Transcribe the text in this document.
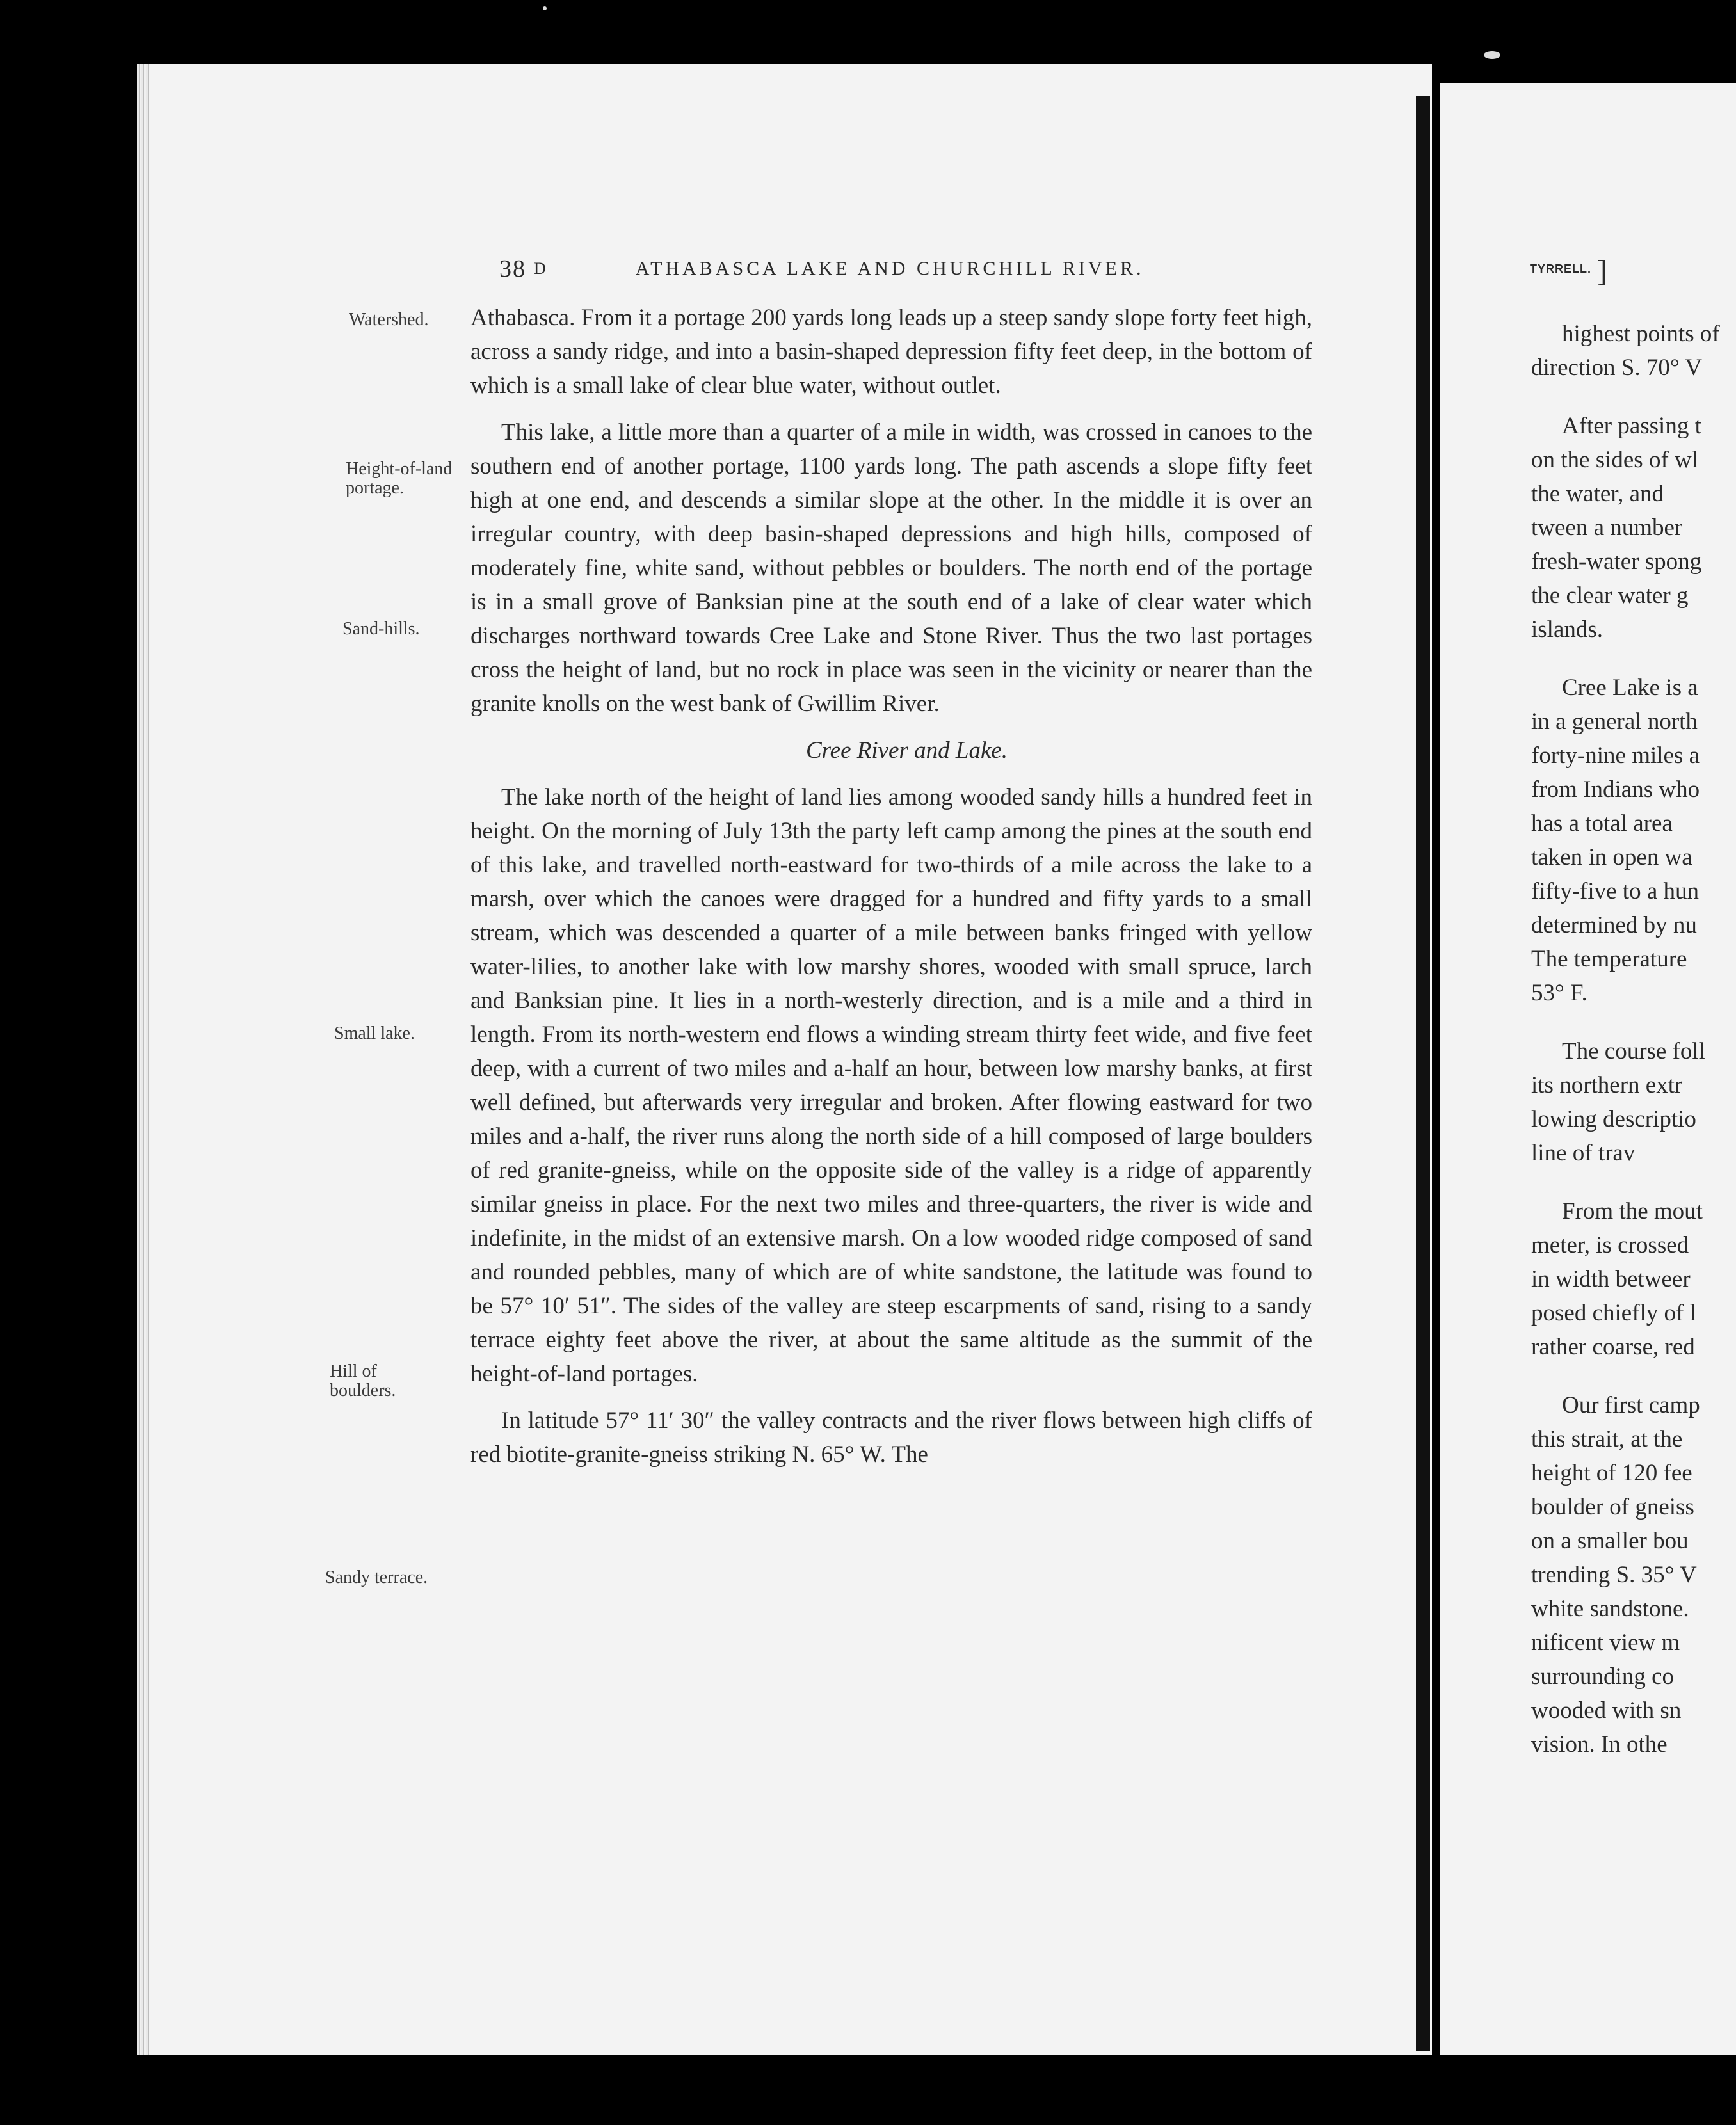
38 D	ATHABASCA LAKE AND CHURCHILL RIVER.
Watershed.
Height-of-land portage.
Sand-hills.
Small lake.
Hill of boulders.
Sandy terrace.

Athabasca. From it a portage 200 yards long leads up a steep sandy slope forty feet high, across a sandy ridge, and into a basin-shaped depression fifty feet deep, in the bottom of which is a small lake of clear blue water, without outlet.

This lake, a little more than a quarter of a mile in width, was crossed in canoes to the southern end of another portage, 1100 yards long. The path ascends a slope fifty feet high at one end, and descends a similar slope at the other. In the middle it is over an irregular country, with deep basin-shaped depressions and high hills, composed of moderately fine, white sand, without pebbles or boulders. The north end of the portage is in a small grove of Banksian pine at the south end of a lake of clear water which discharges northward towards Cree Lake and Stone River. Thus the two last portages cross the height of land, but no rock in place was seen in the vicinity or nearer than the granite knolls on the west bank of Gwillim River.

Cree River and Lake.

The lake north of the height of land lies among wooded sandy hills a hundred feet in height. On the morning of July 13th the party left camp among the pines at the south end of this lake, and travelled north-eastward for two-thirds of a mile across the lake to a marsh, over which the canoes were dragged for a hundred and fifty yards to a small stream, which was descended a quarter of a mile between banks fringed with yellow water-lilies, to another lake with low marshy shores, wooded with small spruce, larch and Banksian pine. It lies in a north-westerly direction, and is a mile and a third in length. From its north-western end flows a winding stream thirty feet wide, and five feet deep, with a current of two miles and a-half an hour, between low marshy banks, at first well defined, but afterwards very irregular and broken. After flowing eastward for two miles and a-half, the river runs along the north side of a hill composed of large boulders of red granite-gneiss, while on the opposite side of the valley is a ridge of apparently similar gneiss in place. For the next two miles and three-quarters, the river is wide and indefinite, in the midst of an extensive marsh. On a low wooded ridge composed of sand and rounded pebbles, many of which are of white sandstone, the latitude was found to be 57° 10′ 51″. The sides of the valley are steep escarpments of sand, rising to a sandy terrace eighty feet above the river, at about the same altitude as the summit of the height-of-land portages.

In latitude 57° 11′ 30″ the valley contracts and the river flows between high cliffs of red biotite-granite-gneiss striking N. 65° W. The

TYRRELL. ]
highest points of
direction S. 70° V
After passing t
on the sides of wl
the water, and
tween a number
fresh-water spong
the clear water g
islands.
Cree Lake is a
in a general north
forty-nine miles a
from Indians who
has a total area
taken in open wa
fifty-five to a hun
determined by nu
The temperature
53° F.
The course foll
its northern extr
lowing descriptio
line of trav
From the mout
meter, is crossed
in width betweer
posed chiefly of l
rather coarse, red
Our first camp
this strait, at the
height of 120 fee
boulder of gneiss
on a smaller bou
trending S. 35° V
white sandstone.
nificent view m
surrounding co
wooded with sn
vision. In othe
